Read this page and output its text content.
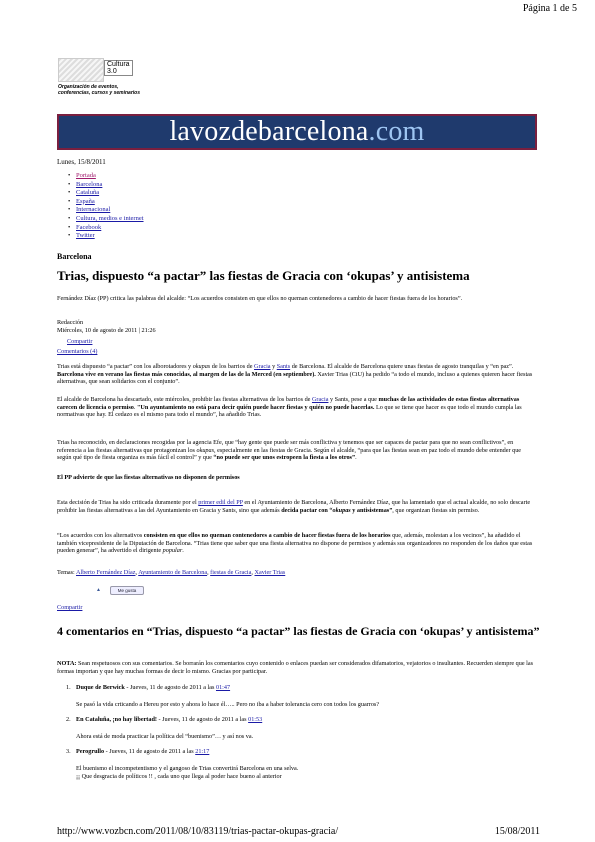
Página 1 de 5
Cultura 3.0
Organización de eventos,
conferencias, cursos y seminarios
lavozdebarcelona.com
Lunes, 15/8/2011
• Portada
• Barcelona
• Cataluña
• España
• Internacional
• Cultura, medios e internet
• Facebook
• Twitter
Barcelona
Trias, dispuesto “a pactar” las fiestas de Gracia con ‘okupas’ y antisistema

Fernández Díaz (PP) critica las palabras del alcalde: “Los acuerdos consisten en que ellos no queman contenedores a cambio de hacer fiestas fuera de los horarios”.

Redacción
Miércoles, 10 de agosto de 2011 | 21:26
Compartir
Comentarios (4)

Trias está dispuesto “a pactar” con los alborotadores y okupas de los barrios de Gracia y Sants de Barcelona. El alcalde de Barcelona quiere unas fiestas de agosto tranquilas y “en paz”. Barcelona vive en verano las fiestas más conocidas, al margen de las de la Merced (en septiembre). Xavier Trias (CiU) ha pedido “a todo el mundo, incluso a quienes quieren hacer fiestas alternativas, que sean solidarios con el conjunto”.

El alcalde de Barcelona ha descartado, este miércoles, prohibir las fiestas alternativas de los barrios de Gracia y Sants, pese a que muchas de las actividades de estas fiestas alternativas carecen de licencia o permiso. "Un ayuntamiento no está para decir quién puede hacer fiestas y quién no puede hacerlas. Lo que se tiene que hacer es que todo el mundo cumpla las normativas que hay. El cedazo es el mismo para todo el mundo”, ha añadido Trias.

Trias ha reconocido, en declaraciones recogidas por la agencia Efe, que “hay gente que puede ser más conflictiva y tenemos que ser capaces de pactar para que no sean conflictivos”, en referencia a las fiestas alternativas que protagonizan los okupas, especialmente en las fiestas de Gracia. Según el alcalde, “para que las fiestas sean en paz todo el mundo debe entender que según qué tipo de fiesta organiza es más fácil el control” y que “no puede ser que unos estropeen la fiesta a los otros”.

El PP advierte de que las fiestas alternativas no disponen de permisos

Esta decisión de Trias ha sido criticada duramente por el primer edil del PP en el Ayuntamiento de Barcelona, Alberto Fernández Díaz, que ha lamentado que el actual alcalde, no solo descarte prohibir las fiestas alternativas a las del Ayuntamiento en Gracia y Sants, sino que además decida pactar con “okupas y antisistemas”, que organizan fiestas sin permiso.

“Los acuerdos con los alternativos consisten en que ellos no queman contenedores a cambio de hacer fiestas fuera de los horarios que, además, molestan a los vecinos”, ha añadido el también vicepresidente de la Diputación de Barcelona. “Trias tiene que saber que una fiesta alternativa no dispone de permisos y además sus organizadores no responden de los daños que estas pueden generar”, ha advertido el dirigente popular.

Temas: Alberto Fernández Díaz, Ayuntamiento de Barcelona, fiestas de Gracia, Xavier Trias

▲	Me gusta
Compartir
4 comentarios en “Trias, dispuesto “a pactar” las fiestas de Gracia con ‘okupas’ y antisistema”

NOTA: Sean respetuosos con sus comentarios. Se borrarán los comentarios cuyo contenido o enlaces puedan ser considerados difamatorios, vejatorios o insultantes. Recuerden siempre que las formas importan y que hay muchas formas de decir lo mismo. Gracias por participar.

1. Duque de Berwick - Jueves, 11 de agosto de 2011 a las 01:47
Se pasó la vida crticando a Hereu por esto y ahora lo hace él….. Pero no iba a haber tolerancia cero con todos los guarros?
2. En Cataluña, ¡no hay libertad! - Jueves, 11 de agosto de 2011 a las 01:53
Ahora está de moda practicar la política del “buenismo”… y así nos va.
3. Perogrullo - Jueves, 11 de agosto de 2011 a las 21:17
El buenismo el incompetentismo y el gangoso de Trias convertirá Barcelona en una selva.
¡¡ Que desgracia de políticos !! , cada uno que llega al poder hace bueno al anterior
http://www.vozbcn.com/2011/08/10/83119/trias-pactar-okupas-gracia/	15/08/2011
